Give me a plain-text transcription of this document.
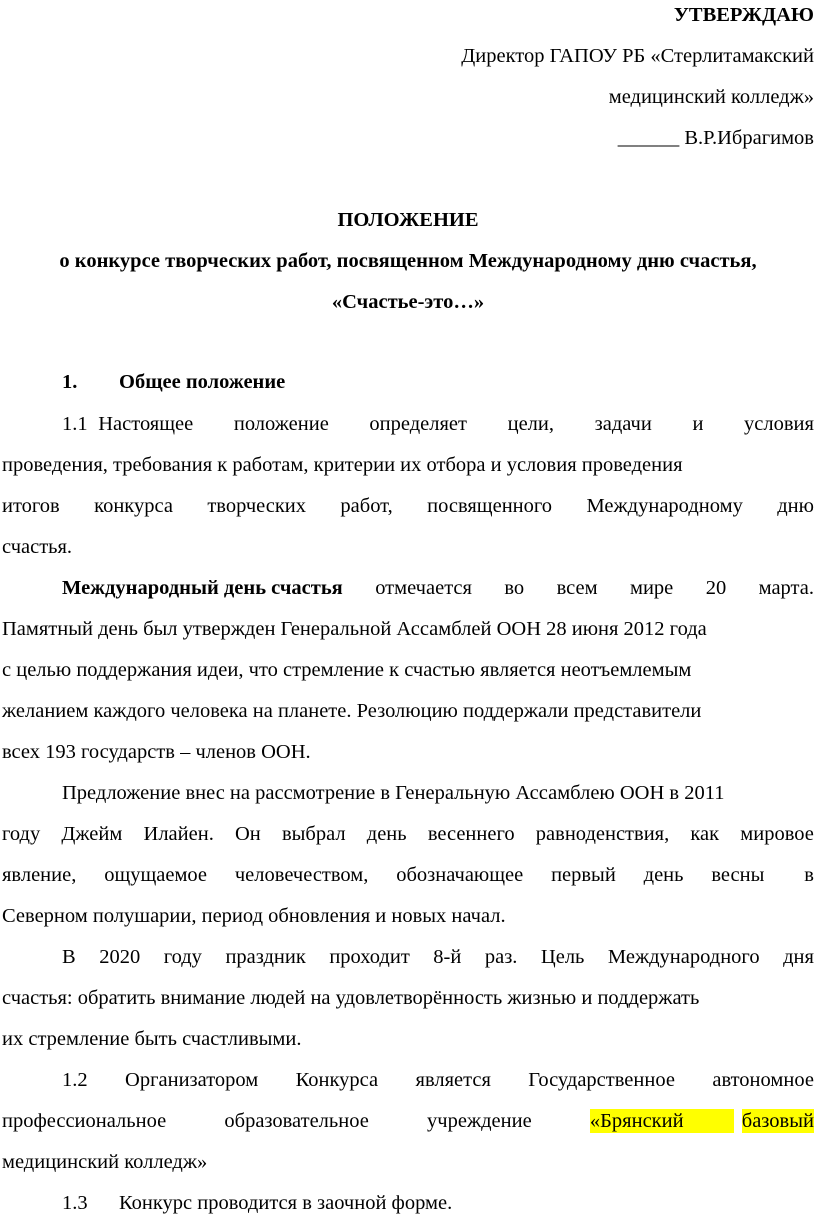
УТВЕРЖДАЮ
Директор ГАПОУ РБ «Стерлитамакский
медицинский колледж»
______ В.Р.Ибрагимов
ПОЛОЖЕНИЕ
о конкурсе творческих работ, посвященном Международному дню счастья,
«Счастье-это…»
1. Общее положение
1.1 Настоящее положение определяет цели, задачи и условия
проведения, требования к работам, критерии их отбора и условия проведения
итогов конкурса творческих работ, посвященного Международному дню
счастья.
Международный день счастья отмечается во всем мире 20 марта.
Памятный день был утвержден Генеральной Ассамблей ООН 28 июня 2012 года
с целью поддержания идеи, что стремление к счастью является неотъемлемым
желанием каждого человека на планете. Резолюцию поддержали представители
всех 193 государств – членов ООН.
Предложение внес на рассмотрение в Генеральную Ассамблею ООН в 2011
году Джейм Илайен. Он выбрал день весеннего равноденствия, как мировое
явление, ощущаемое человечеством, обозначающее первый день весны в
Северном полушарии, период обновления и новых начал.
В 2020 году праздник проходит 8-й раз. Цель Международного дня
счастья: обратить внимание людей на удовлетворённость жизнью и поддержать
их стремление быть счастливыми.
1.2 Организатором Конкурса является Государственное автономное
профессиональное	образовательное	учреждение	«Брянский	базовый
медицинский колледж»
1.3 Конкурс проводится в заочной форме.
